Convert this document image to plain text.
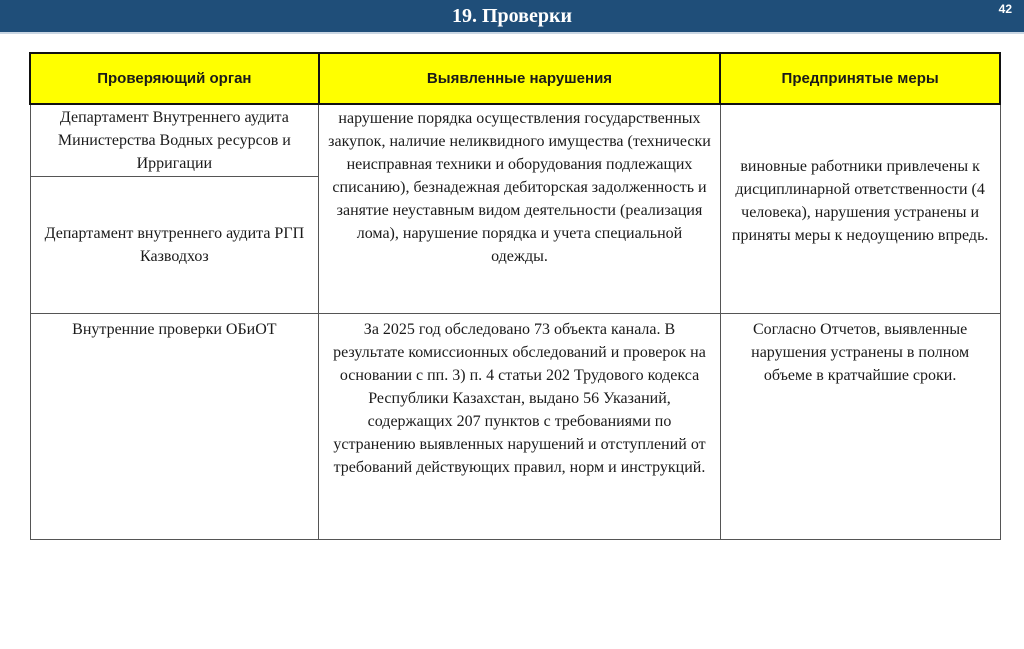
19. Проверки	42
Проверяющий орган	Выявленные нарушения	Предпринятые меры
Департамент Внутреннего аудита Министерства Водных ресурсов и Ирригации	нарушение порядка осуществления государственных закупок, наличие неликвидного имущества (технически неисправная техники и оборудования подлежащих списанию), безнадежная дебиторская задолженность и занятие неуставным видом деятельности (реализация лома), нарушение порядка и учета специальной одежды.	виновные работники привлечены к дисциплинарной ответственности (4 человека), нарушения устранены и приняты меры к недоущению впредь.
Департамент внутреннего аудита РГП Казводхоз		
Внутренние проверки ОБиОТ	За 2025 год обследовано 73 объекта канала. В результате комиссионных обследований и проверок на основании с пп. 3) п. 4 статьи 202 Трудового кодекса Республики Казахстан, выдано 56 Указаний, содержащих 207 пунктов с требованиями по устранению выявленных нарушений и отступлений от требований действующих правил, норм и инструкций.	Согласно Отчетов, выявленные нарушения устранены в полном объеме в кратчайшие сроки.
